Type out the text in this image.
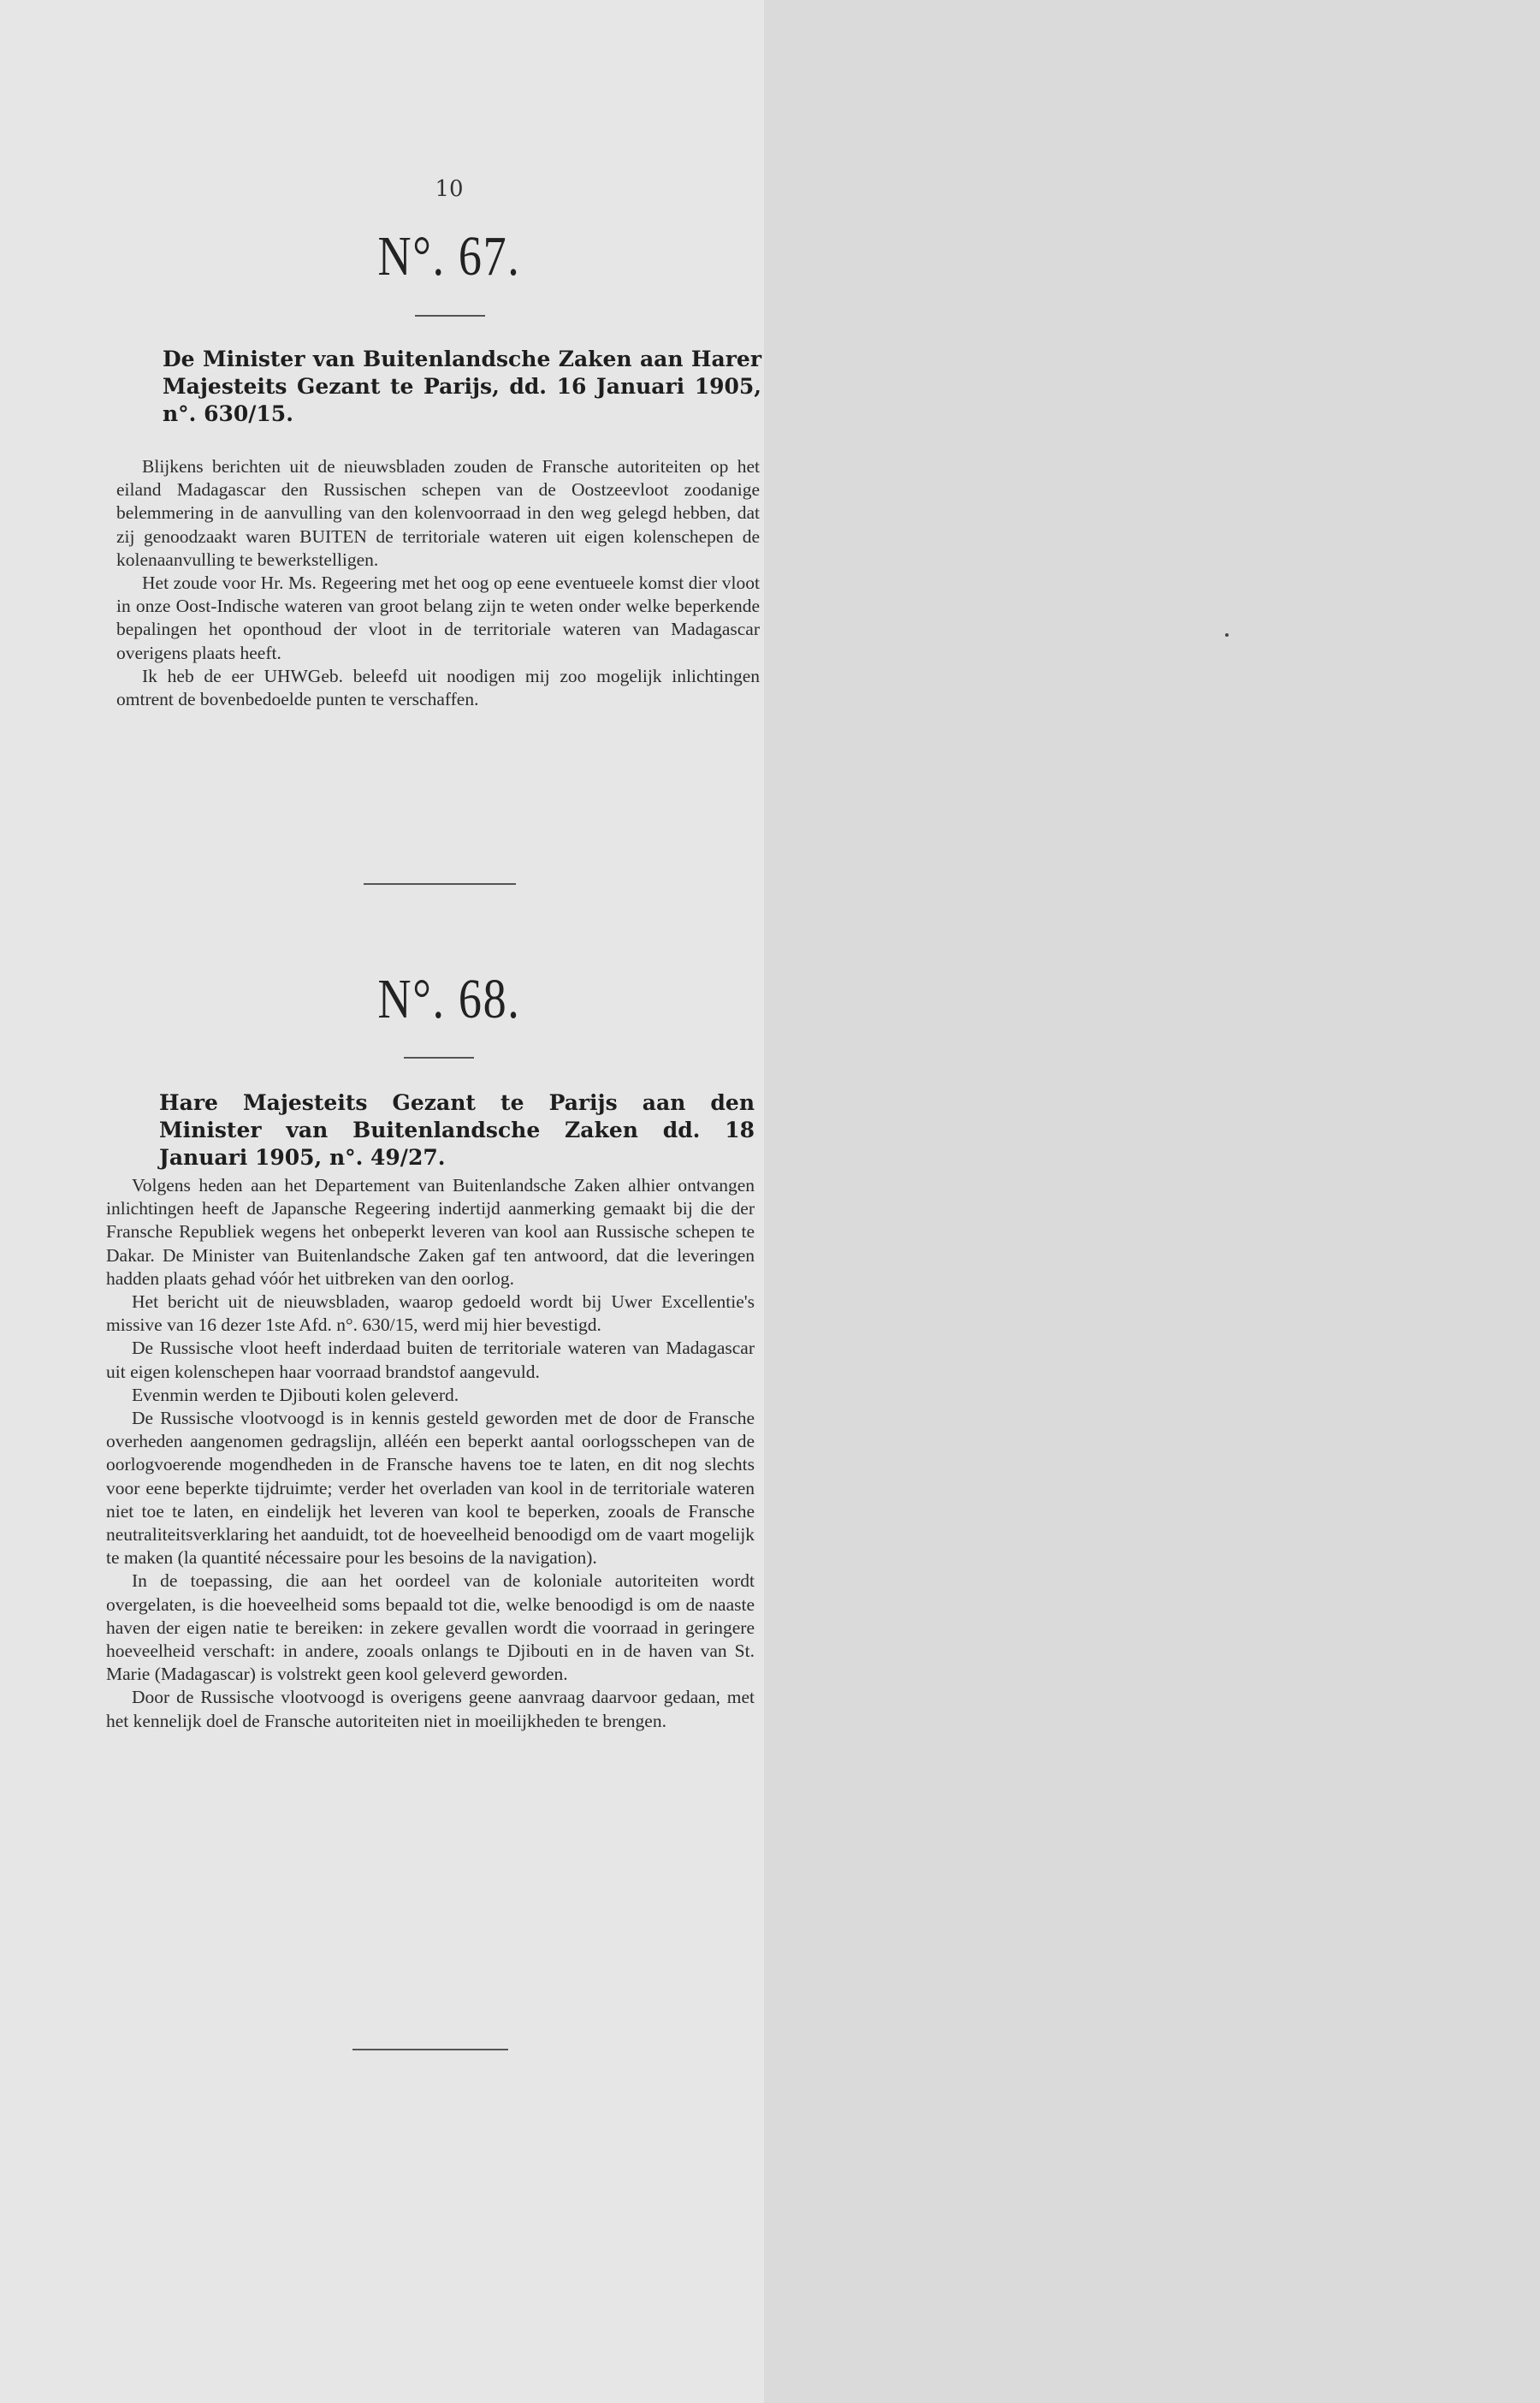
10
N°. 67.
De Minister van Buitenlandsche Zaken aan Harer Majesteits Gezant te Parijs, dd. 16 Januari 1905, n°. 630/15.

Blijkens berichten uit de nieuwsbladen zouden de Fransche autoriteiten op het eiland Madagascar den Russischen schepen van de Oostzeevloot zoodanige belemmering in de aanvulling van den kolenvoorraad in den weg gelegd hebben, dat zij genoodzaakt waren BUITEN de territoriale wateren uit eigen kolenschepen de kolenaanvulling te bewerkstelligen.

Het zoude voor Hr. Ms. Regeering met het oog op eene eventueele komst dier vloot in onze Oost-Indische wateren van groot belang zijn te weten onder welke beperkende bepalingen het oponthoud der vloot in de territoriale wateren van Madagascar overigens plaats heeft.

Ik heb de eer UHWGeb. beleefd uit noodigen mij zoo mogelijk inlichtingen omtrent de bovenbedoelde punten te verschaffen.

N°. 68.
Hare Majesteits Gezant te Parijs aan den Minister van Buitenlandsche Zaken dd. 18 Januari 1905, n°. 49/27.

Volgens heden aan het Departement van Buitenlandsche Zaken alhier ontvangen inlichtingen heeft de Japansche Regeering indertijd aanmerking gemaakt bij die der Fransche Republiek wegens het onbeperkt leveren van kool aan Russische schepen te Dakar. De Minister van Buitenlandsche Zaken gaf ten antwoord, dat die leveringen hadden plaats gehad vóór het uitbreken van den oorlog.

Het bericht uit de nieuwsbladen, waarop gedoeld wordt bij Uwer Excellentie's missive van 16 dezer 1ste Afd. n°. 630/15, werd mij hier bevestigd.

De Russische vloot heeft inderdaad buiten de territoriale wateren van Madagascar uit eigen kolenschepen haar voorraad brandstof aangevuld.

Evenmin werden te Djibouti kolen geleverd.

De Russische vlootvoogd is in kennis gesteld geworden met de door de Fransche overheden aangenomen gedragslijn, alléén een beperkt aantal oorlogsschepen van de oorlogvoerende mogendheden in de Fransche havens toe te laten, en dit nog slechts voor eene beperkte tijdruimte; verder het overladen van kool in de territoriale wateren niet toe te laten, en eindelijk het leveren van kool te beperken, zooals de Fransche neutraliteitsverklaring het aanduidt, tot de hoeveelheid benoodigd om de vaart mogelijk te maken (la quantité nécessaire pour les besoins de la navigation).

In de toepassing, die aan het oordeel van de koloniale autoriteiten wordt overgelaten, is die hoeveelheid soms bepaald tot die, welke benoodigd is om de naaste haven der eigen natie te bereiken: in zekere gevallen wordt die voorraad in geringere hoeveelheid verschaft: in andere, zooals onlangs te Djibouti en in de haven van St. Marie (Madagascar) is volstrekt geen kool geleverd geworden.

Door de Russische vlootvoogd is overigens geene aanvraag daarvoor gedaan, met het kennelijk doel de Fransche autoriteiten niet in moeilijkheden te brengen.
